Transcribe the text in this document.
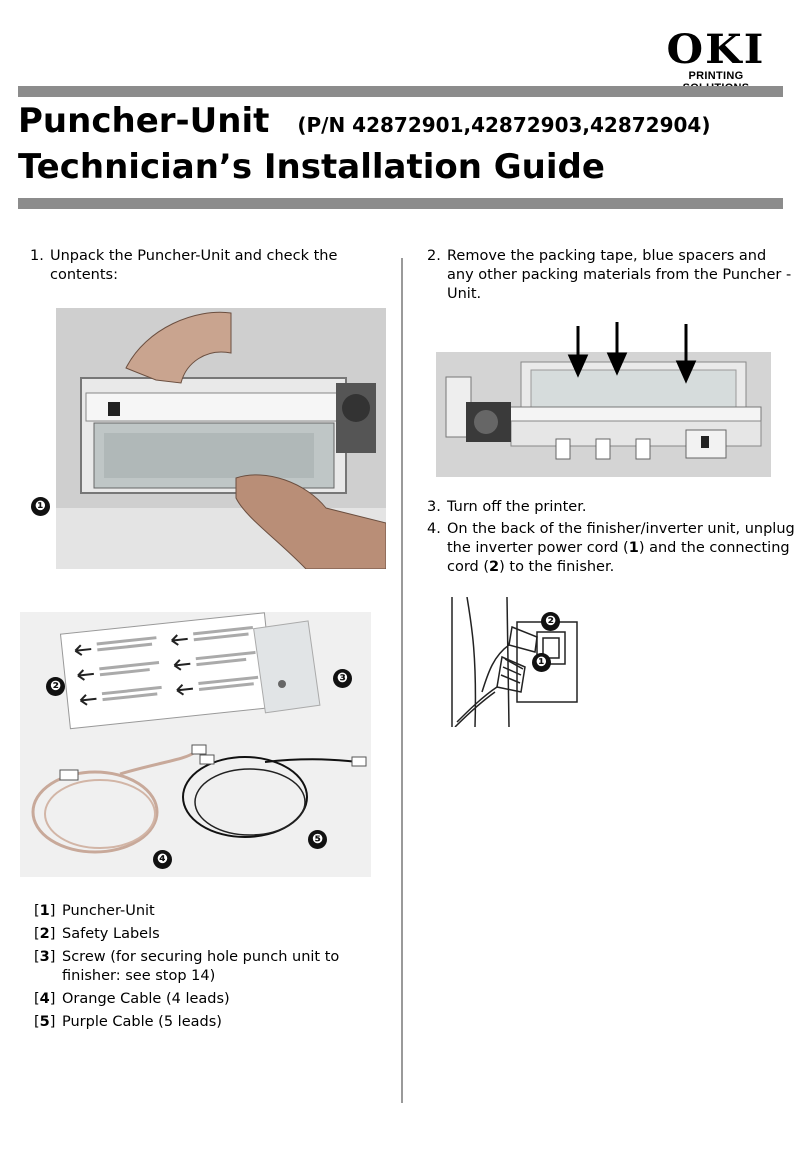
OKI
PRINTING
Puncher-Unit (P/N 42872901,42872903,42872904)
Technician’s Installation Guide
1. Unpack the Puncher-Unit and check the contents:
❶
❷
❸
❹
❺
[1] Puncher-Unit
[2] Safety Labels
[3] Screw (for securing hole punch unit to finisher: see stop 14)
[4] Orange Cable (4 leads)
[5] Purple Cable (5 leads)
2. Remove the packing tape, blue spacers and any other packing materials from the Puncher -Unit.
3. Turn off the printer.
4. On the back of the finisher/inverter unit, unplug the inverter power cord (1) and the connecting cord (2) to the finisher.
❷
❶
